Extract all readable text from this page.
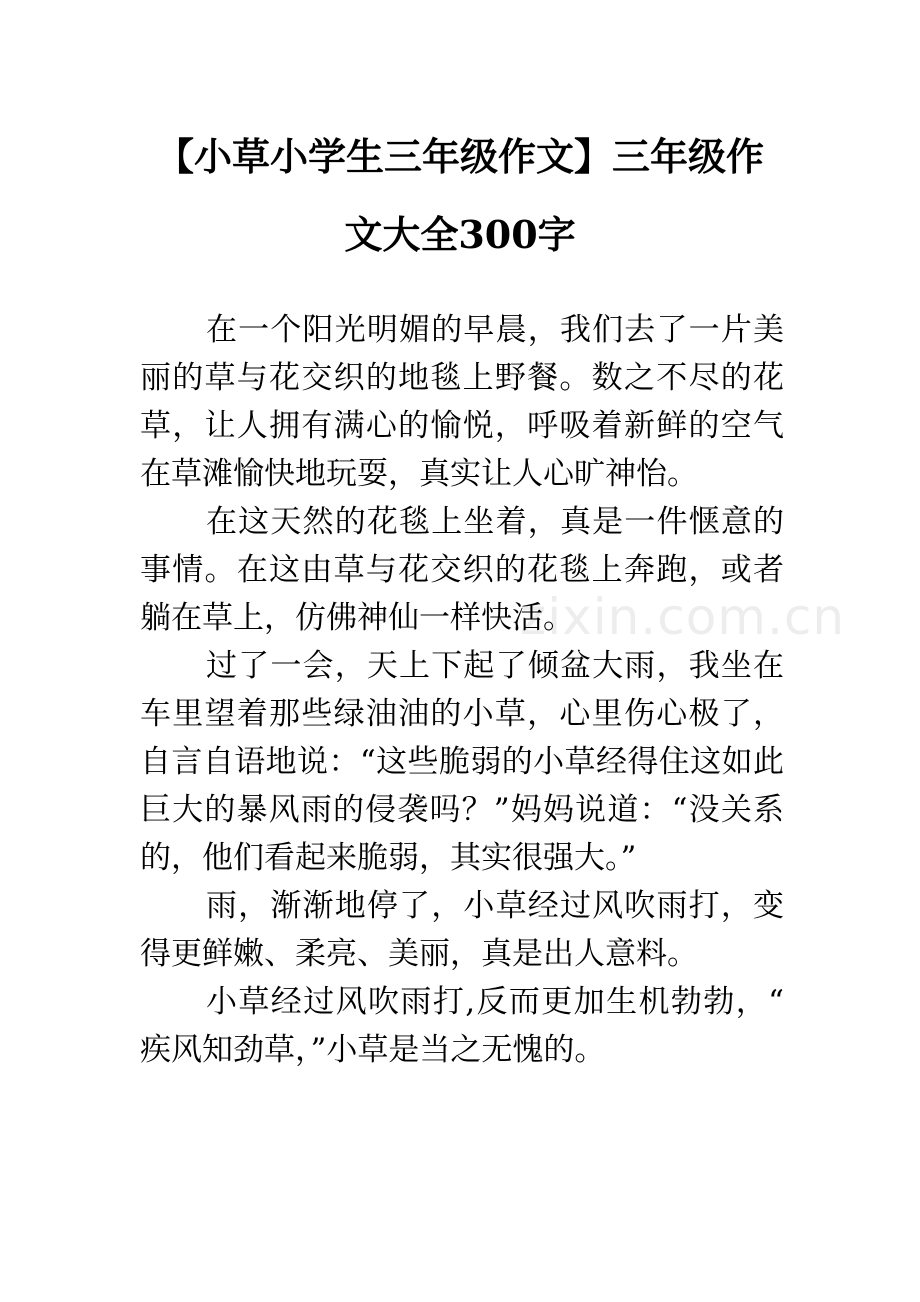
【小草小学生三年级作文】三年级作文大全300字

在一个阳光明媚的早晨，我们去了一片美丽的草与花交织的地毯上野餐。数之不尽的花草，让人拥有满心的愉悦，呼吸着新鲜的空气在草滩愉快地玩耍，真实让人心旷神怡。

在这天然的花毯上坐着，真是一件惬意的事情。在这由草与花交织的花毯上奔跑，或者躺在草上，仿佛神仙一样快活。

过了一会，天上下起了倾盆大雨，我坐在车里望着那些绿油油的小草，心里伤心极了，自言自语地说：“这些脆弱的小草经得住这如此巨大的暴风雨的侵袭吗？”妈妈说道：“没关系的，他们看起来脆弱，其实很强大。”

雨，渐渐地停了，小草经过风吹雨打，变得更鲜嫩、柔亮、美丽，真是出人意料。

小草经过风吹雨打,反而更加生机勃勃，“疾风知劲草，”小草是当之无愧的。

zixin.com.cn
